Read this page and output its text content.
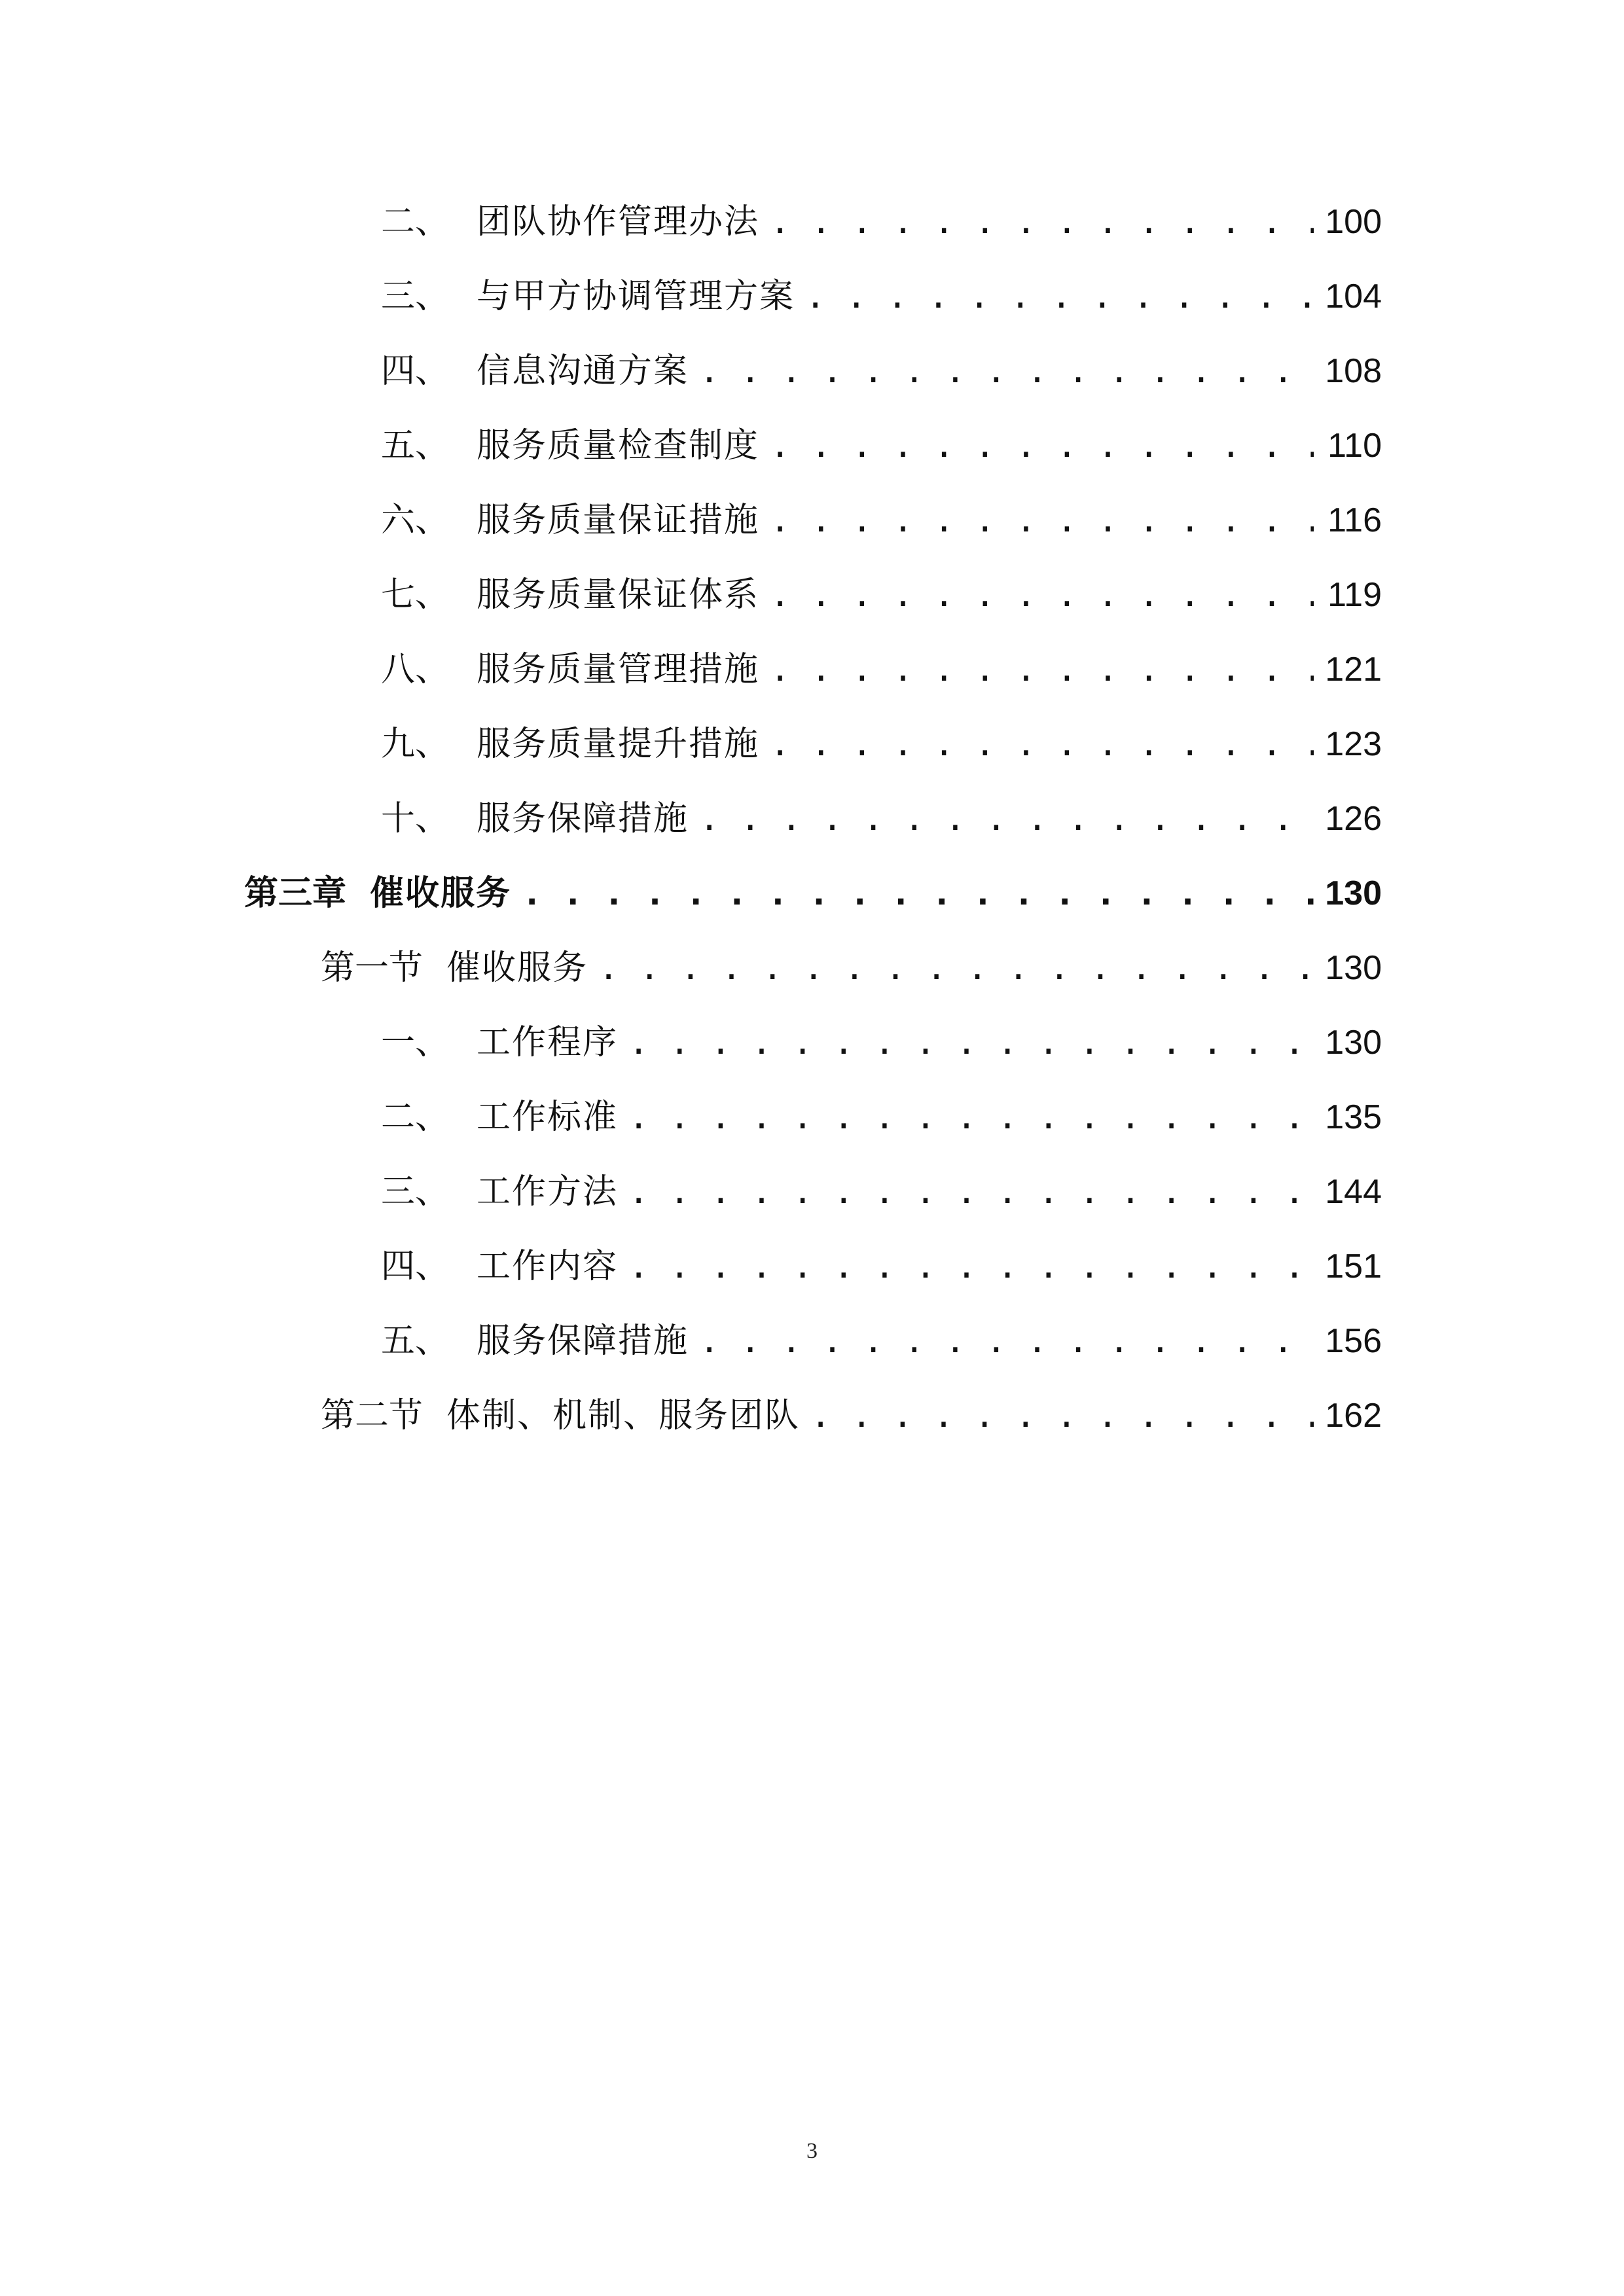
二、 团队协作管理办法 . . .	100
三、 与甲方协调管理方案 . . .	104
四、 信息沟通方案 . . .	108
五、 服务质量检查制度 . . .	110
六、 服务质量保证措施 . . .	116
七、 服务质量保证体系 . . .	119
八、 服务质量管理措施 . . .	121
九、 服务质量提升措施 . . .	123
十、 服务保障措施 . . .	126
第三章 催收服务 . . .	130
第一节 催收服务 . . .	130
一、 工作程序 . . .	130
二、 工作标准 . . .	135
三、 工作方法 . . .	144
四、 工作内容 . . .	151
五、 服务保障措施 . . .	156
第二节 体制、机制、服务团队 . . .	162
3
